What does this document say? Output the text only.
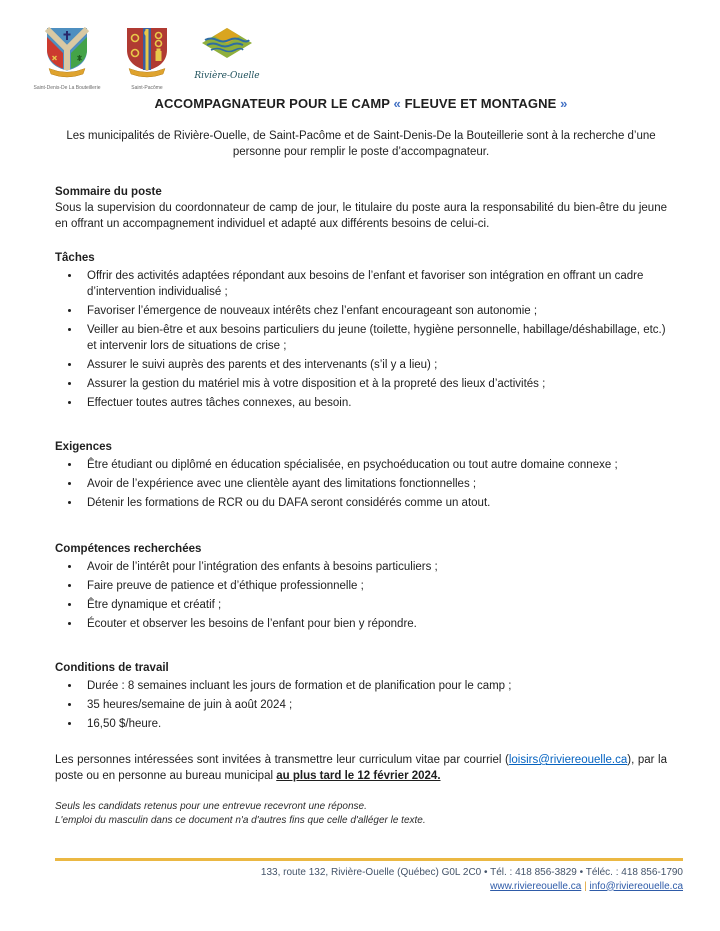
Saint-Denis-De La Bouteillerie	Saint-Pacôme
Rivière-Ouelle
ACCOMPAGNATEUR POUR LE CAMP « FLEUVE ET MONTAGNE »

Les municipalités de Rivière-Ouelle, de Saint-Pacôme et de Saint-Denis-De la Bouteillerie sont à la recherche d’une personne pour remplir le poste d’accompagnateur.

Sommaire du poste

Sous la supervision du coordonnateur de camp de jour, le titulaire du poste aura la responsabilité du bien-être du jeune en offrant un accompagnement individuel et adapté aux différents besoins de celui-ci.

Tâches
• Offrir des activités adaptées répondant aux besoins de l’enfant et favoriser son intégration en offrant un cadre d’intervention individualisé ;
• Favoriser l’émergence de nouveaux intérêts chez l’enfant encourageant son autonomie ;
• Veiller au bien-être et aux besoins particuliers du jeune (toilette, hygiène personnelle, habillage/déshabillage, etc.) et intervenir lors de situations de crise ;
• Assurer le suivi auprès des parents et des intervenants (s’il y a lieu) ;
• Assurer la gestion du matériel mis à votre disposition et à la propreté des lieux d’activités ;
• Effectuer toutes autres tâches connexes, au besoin.
Exigences
• Être étudiant ou diplômé en éducation spécialisée, en psychoéducation ou tout autre domaine connexe ;
• Avoir de l’expérience avec une clientèle ayant des limitations fonctionnelles ;
• Détenir les formations de RCR ou du DAFA seront considérés comme un atout.
Compétences recherchées
• Avoir de l’intérêt pour l’intégration des enfants à besoins particuliers ;
• Faire preuve de patience et d’éthique professionnelle ;
• Être dynamique et créatif ;
• Écouter et observer les besoins de l’enfant pour bien y répondre.
Conditions de travail
• Durée : 8 semaines incluant les jours de formation et de planification pour le camp ;
• 35 heures/semaine de juin à août 2024 ;
• 16,50 $/heure.

Les personnes intéressées sont invitées à transmettre leur curriculum vitae par courriel (loisirs@riviereouelle.ca), par la poste ou en personne au bureau municipal au plus tard le 12 février 2024.

Seuls les candidats retenus pour une entrevue recevront une réponse.
L'emploi du masculin dans ce document n'a d'autres fins que celle d'alléger le texte.
133, route 132, Rivière-Ouelle (Québec) G0L 2C0 • Tél. : 418 856-3829 • Téléc. : 418 856-1790
www.riviereouelle.ca | info@riviereouelle.ca
